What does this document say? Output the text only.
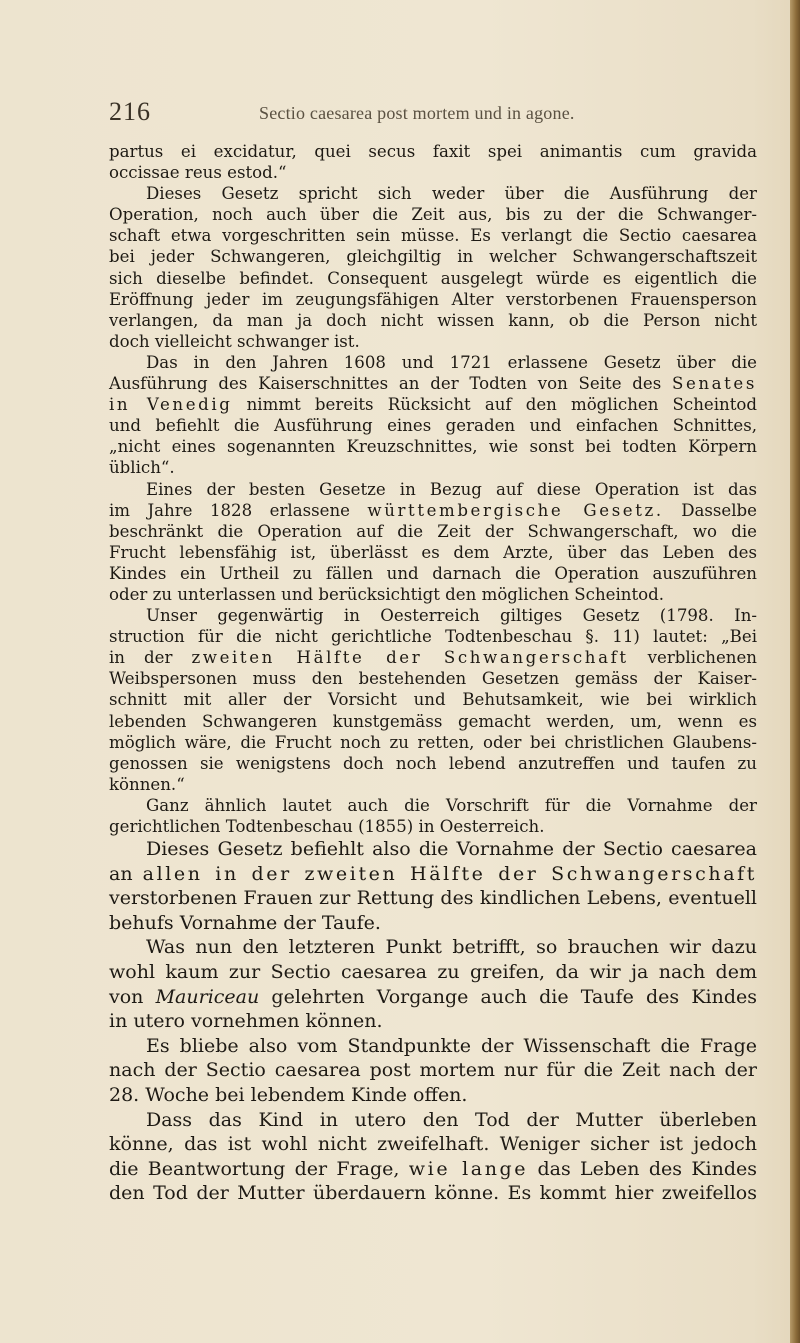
216	Sectio caesarea post mortem und in agone.
partus ei excidatur, quei secus faxit spei animantis cum gravida
occissae reus estod.“
Dieses Gesetz spricht sich weder über die Ausführung der
Operation, noch auch über die Zeit aus, bis zu der die Schwanger-
schaft etwa vorgeschritten sein müsse. Es verlangt die Sectio caesarea
bei jeder Schwangeren, gleichgiltig in welcher Schwangerschaftszeit
sich dieselbe befindet. Consequent ausgelegt würde es eigentlich die
Eröffnung jeder im zeugungsfähigen Alter verstorbenen Frauensperson
verlangen, da man ja doch nicht wissen kann, ob die Person nicht
doch vielleicht schwanger ist.
Das in den Jahren 1608 und 1721 erlassene Gesetz über die
Ausführung des Kaiserschnittes an der Todten von Seite des Senates
in Venedig nimmt bereits Rücksicht auf den möglichen Scheintod
und befiehlt die Ausführung eines geraden und einfachen Schnittes,
„nicht eines sogenannten Kreuzschnittes, wie sonst bei todten Körpern
üblich“.
Eines der besten Gesetze in Bezug auf diese Operation ist das
im Jahre 1828 erlassene württembergische Gesetz. Dasselbe
beschränkt die Operation auf die Zeit der Schwangerschaft, wo die
Frucht lebensfähig ist, überlässt es dem Arzte, über das Leben des
Kindes ein Urtheil zu fällen und darnach die Operation auszuführen
oder zu unterlassen und berücksichtigt den möglichen Scheintod.
Unser gegenwärtig in Oesterreich giltiges Gesetz (1798. In-
struction für die nicht gerichtliche Todtenbeschau §. 11) lautet: „Bei
in der zweiten Hälfte der Schwangerschaft verblichenen
Weibspersonen muss den bestehenden Gesetzen gemäss der Kaiser-
schnitt mit aller der Vorsicht und Behutsamkeit, wie bei wirklich
lebenden Schwangeren kunstgemäss gemacht werden, um, wenn es
möglich wäre, die Frucht noch zu retten, oder bei christlichen Glaubens-
genossen sie wenigstens doch noch lebend anzutreffen und taufen zu
können.“
Ganz ähnlich lautet auch die Vorschrift für die Vornahme der
gerichtlichen Todtenbeschau (1855) in Oesterreich.
Dieses Gesetz befiehlt also die Vornahme der Sectio caesarea
an allen in der zweiten Hälfte der Schwangerschaft
verstorbenen Frauen zur Rettung des kindlichen Lebens, eventuell
behufs Vornahme der Taufe.
Was nun den letzteren Punkt betrifft, so brauchen wir dazu
wohl kaum zur Sectio caesarea zu greifen, da wir ja nach dem
von Mauriceau gelehrten Vorgange auch die Taufe des Kindes
in utero vornehmen können.
Es bliebe also vom Standpunkte der Wissenschaft die Frage
nach der Sectio caesarea post mortem nur für die Zeit nach der
28. Woche bei lebendem Kinde offen.
Dass das Kind in utero den Tod der Mutter überleben
könne, das ist wohl nicht zweifelhaft. Weniger sicher ist jedoch
die Beantwortung der Frage, wie lange das Leben des Kindes
den Tod der Mutter überdauern könne. Es kommt hier zweifellos
